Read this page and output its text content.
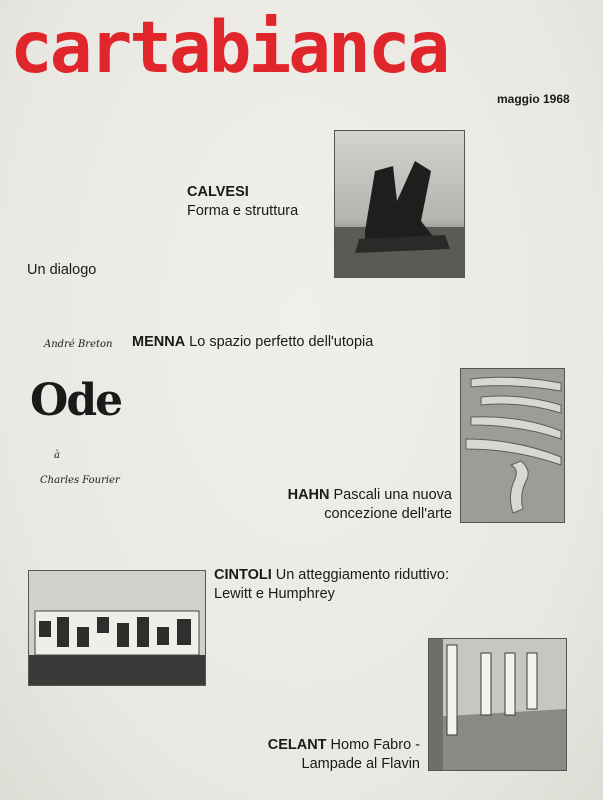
cartabianca
maggio 1968
CALVESI
Forma e struttura
Un dialogo
MENNA Lo spazio perfetto dell'utopia
André Breton
Ode
à
Charles Fourier
HAHN Pascali una nuova
concezione dell'arte
CINTOLI Un atteggiamento riduttivo:
Lewitt e Humphrey
CELANT Homo Fabro -
Lampade al Flavin
